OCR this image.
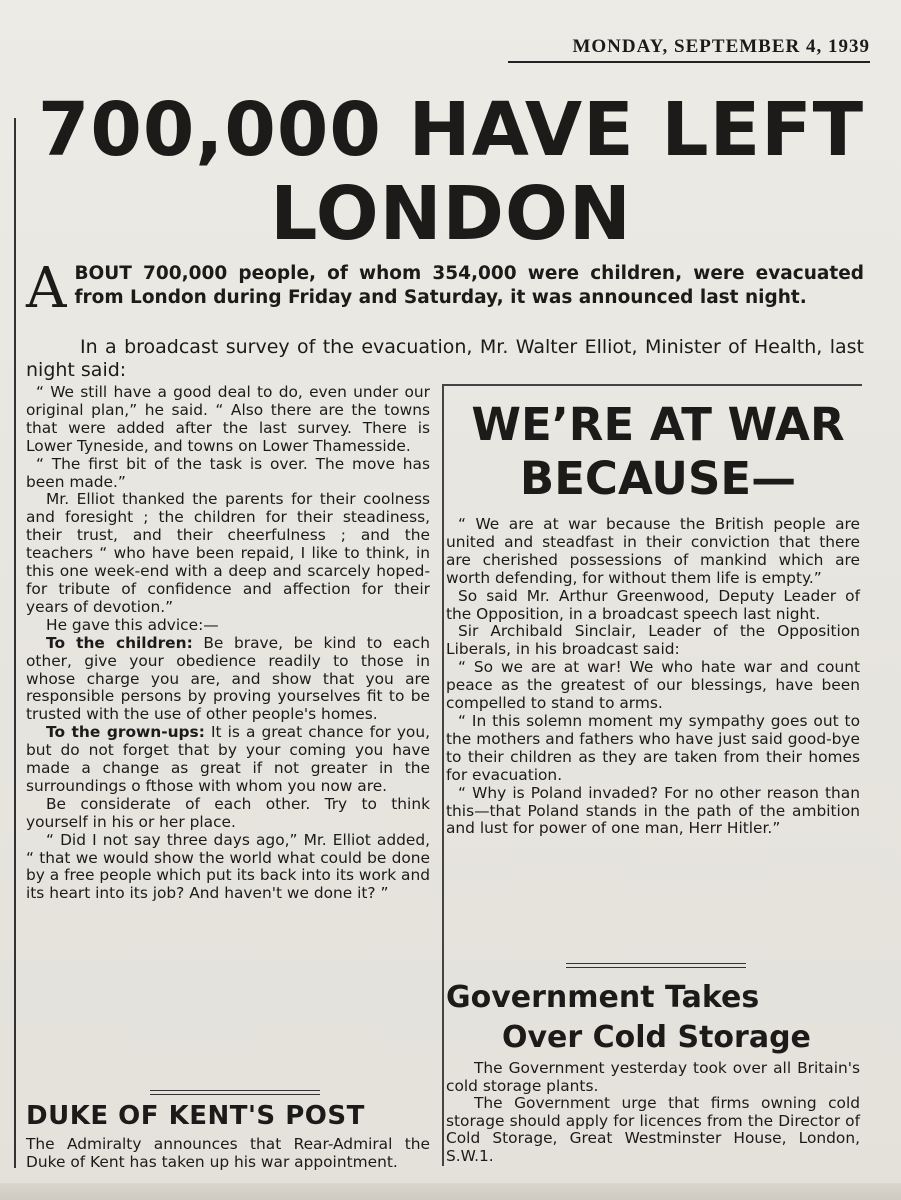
MONDAY, SEPTEMBER 4, 1939
700,000 HAVE LEFT LONDON

ABOUT 700,000 people, of whom 354,000 were children, were evacuated from London during Friday and Saturday, it was announced last night.

In a broadcast survey of the evacuation, Mr. Walter Elliot, Minister of Health, last night said:

“ We still have a good deal to do, even under our original plan,” he said. “ Also there are the towns that were added after the last survey. There is Lower Tyneside, and towns on Lower Thamesside.

“ The first bit of the task is over. The move has been made.”

Mr. Elliot thanked the parents for their coolness and foresight ; the children for their steadiness, their trust, and their cheerfulness ; and the teachers “ who have been repaid, I like to think, in this one week-end with a deep and scarcely hoped-for tribute of confidence and affection for their years of devotion.”

He gave this advice:—

To the children: Be brave, be kind to each other, give your obedience readily to those in whose charge you are, and show that you are responsible persons by proving yourselves fit to be trusted with the use of other people's homes.

To the grown-ups: It is a great chance for you, but do not forget that by your coming you have made a change as great if not greater in the surroundings o fthose with whom you now are.

Be considerate of each other. Try to think yourself in his or her place.

“ Did I not say three days ago,” Mr. Elliot added, “ that we would show the world what could be done by a free people which put its back into its work and its heart into its job? And haven't we done it? ”

WE’RE AT WAR BECAUSE—

“ We are at war because the British people are united and steadfast in their conviction that there are cherished possessions of mankind which are worth defending, for without them life is empty.”

So said Mr. Arthur Greenwood, Deputy Leader of the Opposition, in a broadcast speech last night.

Sir Archibald Sinclair, Leader of the Opposition Liberals, in his broadcast said:

“ So we are at war! We who hate war and count peace as the greatest of our blessings, have been compelled to stand to arms.

“ In this solemn moment my sympathy goes out to the mothers and fathers who have just said good-bye to their children as they are taken from their homes for evacuation.

“ Why is Poland invaded? For no other reason than this—that Poland stands in the path of the ambition and lust for power of one man, Herr Hitler.”

Government Takes
Over Cold Storage

The Government yesterday took over all Britain's cold storage plants.

The Government urge that firms owning cold storage should apply for licences from the Director of Cold Storage, Great Westminster House, London, S.W.1.

DUKE OF KENT'S POST

The Admiralty announces that Rear-Admiral the Duke of Kent has taken up his war appointment.
